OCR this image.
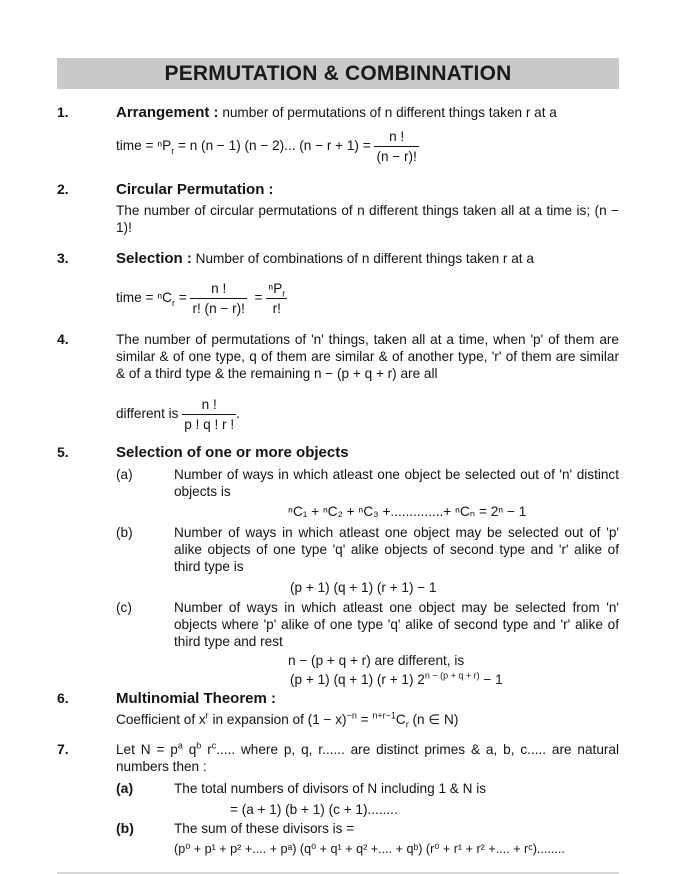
PERMUTATION & COMBINNATION
1.	Arrangement : number of permutations of n different things taken r at a
time = ⁿP$_r$ = n (n − 1) (n − 2)... $(n - r + 1) = \frac{n !}{(n - r)!}$
2.	Circular Permutation :
The number of circular permutations of n different things taken all at a time is; (n − 1)!
3.	Selection : Number of combinations of n different things taken r at a
time = $^nC_r = \frac{n !}{r! (n - r)!} = \frac{^nP_r}{r!}$
4.	The number of permutations of 'n' things, taken all at a time, when 'p' of them are similar & of one type, q of them are similar & of another type, 'r' of them are similar & of a third type & the remaining n − (p + q + r) are all
different is $\frac{n !}{p ! q ! r !}$ .
5.	Selection of one or more objects
(a)	Number of ways in which atleast one object be selected out of 'n' distinct objects is
ⁿC₁ + ⁿC₂ + ⁿC₃ +..............+ ⁿCₙ = 2ⁿ − 1
(b)	Number of ways in which atleast one object may be selected out of 'p' alike objects of one type 'q' alike objects of second type and 'r' alike of third type is
(p + 1) (q + 1) (r + 1) − 1
(c)	Number of ways in which atleast one object may be selected from 'n' objects where 'p' alike of one type 'q' alike of second type and 'r' alike of third type and rest
n − (p + q + r) are different, is
(p + 1) (q + 1) (r + 1) $2^{n - (p + q + r)} - 1$
6.	Multinomial Theorem :
Coefficient of $x^r$ in expansion of $(1 - x)^{-n} = ^{n+r-1}C_r$ (n ∈ N)
7.	Let $N = p^a$ $q^b$ $r^c$..... where p, q, r...... are distinct primes & a, b, c..... are natural numbers then :
(a)	The total numbers of divisors of N including 1 & N is
= (a + 1) (b + 1) (c + 1)........
(b)	The sum of these divisors is =
(p⁰ + p¹ + p² +.... + pᵃ) (q⁰ + q¹ + q² +.... + qᵇ) (r⁰ + r¹ + r² +.... + rᶜ)........
